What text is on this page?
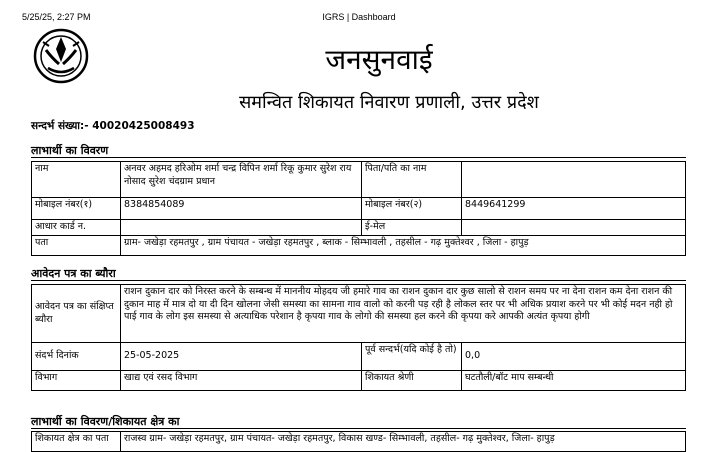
5/25/25, 2:27 PM	IGRS | Dashboard
जनसुनवाई
समन्वित शिकायत निवारण प्रणाली, उत्तर प्रदेश
सन्दर्भ संख्या:- 40020425008493
लाभार्थी का विवरण
नाम	अनवर अहमद हरिओम शर्मा चन्द्र विपिन शर्मा रिकू कुमार सुरेश राय नोसाद सुरेश चंदग्राम प्रधान	पिता/पति का नाम	
मोबाइल नंबर(१)	8384854089	मोबाइल नंबर(२)	8449641299
आधार कार्ड न.		ई-मेल	
पता	ग्राम- जखेड़ा रहमतपुर , ग्राम पंचायत - जखेड़ा रहमतपुर , ब्लाक - सिम्भावली , तहसील - गढ़ मुक्तेश्वर , जिला - हापुड़		
आवेदन पत्र का ब्यौरा
आवेदन पत्र का संक्षिप्त ब्यौरा	राशन दुकान दार को निरस्त करने के सम्बन्ध में माननीय मोहदय जी हमारे गाव का राशन दुकान दार कुछ सालो से राशन समय पर ना देना राशन कम देना राशन की दुकान माह में मात्र दो या दी दिन खोलना जेसी समस्या का सामना गाव वालो को करनी पड़ रही है लोकल स्तर पर भी अधिक प्रयाश करने पर भी कोई मदन नही हो पाई गाव के लोग इस समस्या से अत्याधिक परेशान है कृपया गाव के लोगो की समस्या हल करने की कृपया करे आपकी अत्यंत कृपया होगी		
संदर्भ दिनांक	25-05-2025	पूर्व सन्दर्भ(यदि कोई है तो)	0,0
विभाग	खाद्य एवं रसद विभाग	शिकायत श्रेणी	घटतौली/बॉट माप सम्बन्धी
लाभार्थी का विवरण/शिकायत क्षेत्र का
शिकायत क्षेत्र का पता	राजस्व ग्राम- जखेड़ा रहमतपुर, ग्राम पंचायत- जखेड़ा रहमतपुर, विकास खण्ड- सिम्भावली, तहसील- गढ़ मुक्तेश्वर, जिला- हापुड़
